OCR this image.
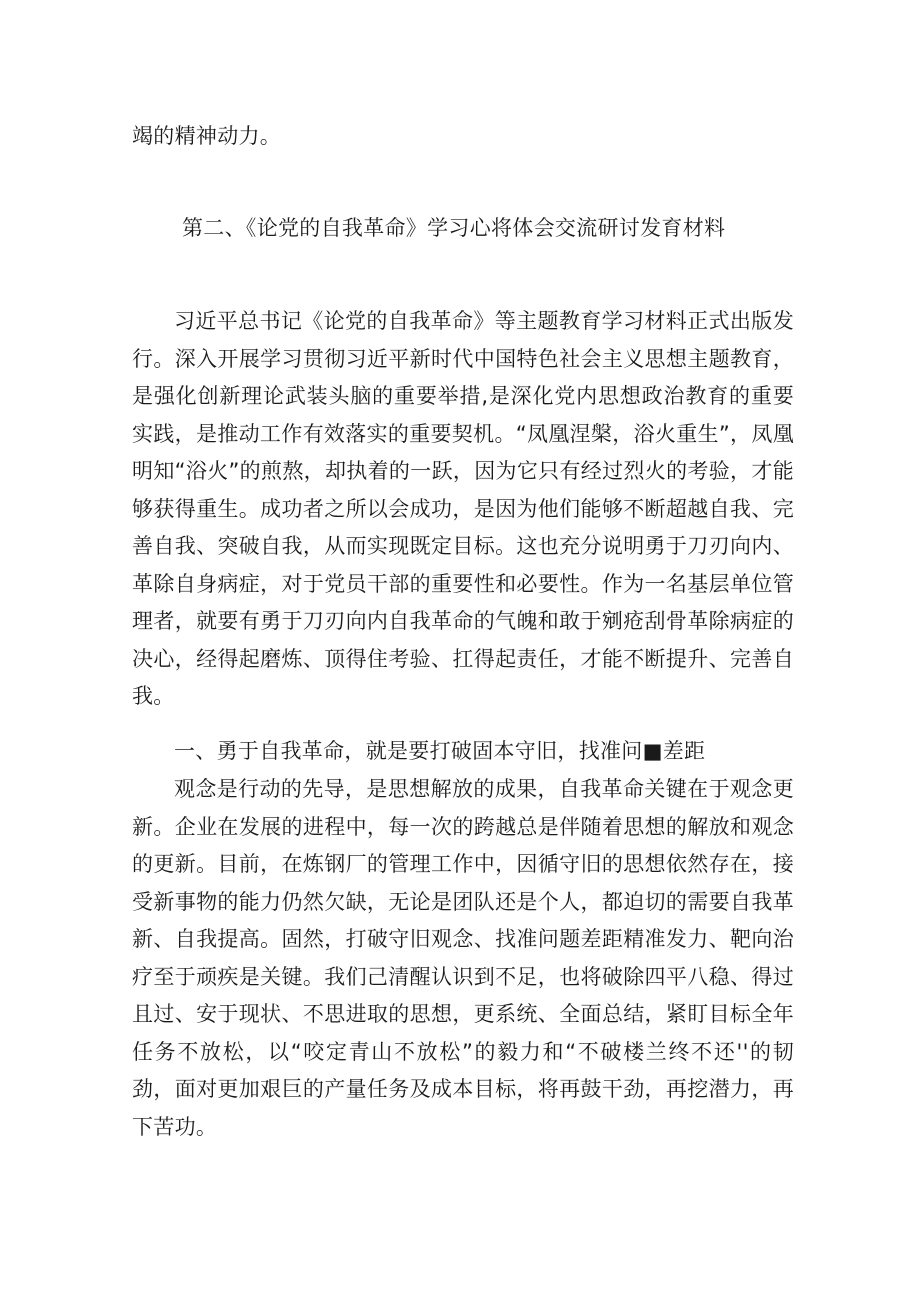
竭的精神动力。

第二、《论党的自我革命》学习心将体会交流研讨发育材料

习近平总书记《论党的自我革命》等主题教育学习材料正式出版发行。深入开展学习贯彻习近平新时代中国特色社会主义思想主题教育，是强化创新理论武装头脑的重要举措,是深化党内思想政治教育的重要实践，是推动工作有效落实的重要契机。“凤凰涅槃，浴火重生”，凤凰明知“浴火”的煎熬，却执着的一跃，因为它只有经过烈火的考验，才能够获得重生。成功者之所以会成功，是因为他们能够不断超越自我、完善自我、突破自我，从而实现既定目标。这也充分说明勇于刀刃向内、革除自身病症，对于党员干部的重要性和必要性。作为一名基层单位管理者，就要有勇于刀刃向内自我革命的气魄和敢于剜疮刮骨革除病症的决心，经得起磨炼、顶得住考验、扛得起责任，才能不断提升、完善自我。

一、勇于自我革命，就是要打破固本守旧，找准问■差距

观念是行动的先导，是思想解放的成果，自我革命关键在于观念更新。企业在发展的进程中，每一次的跨越总是伴随着思想的解放和观念的更新。目前，在炼钢厂的管理工作中，因循守旧的思想依然存在，接受新事物的能力仍然欠缺，无论是团队还是个人，都迫切的需要自我革新、自我提高。固然，打破守旧观念、找准问题差距精准发力、靶向治疗至于顽疾是关键。我们己清醒认识到不足，也将破除四平八稳、得过且过、安于现状、不思进取的思想，更系统、全面总结，紧盯目标全年任务不放松，以“咬定青山不放松”的毅力和“不破楼兰终不还''的韧劲，面对更加艰巨的产量任务及成本目标，将再鼓干劲，再挖潜力，再下苦功。
